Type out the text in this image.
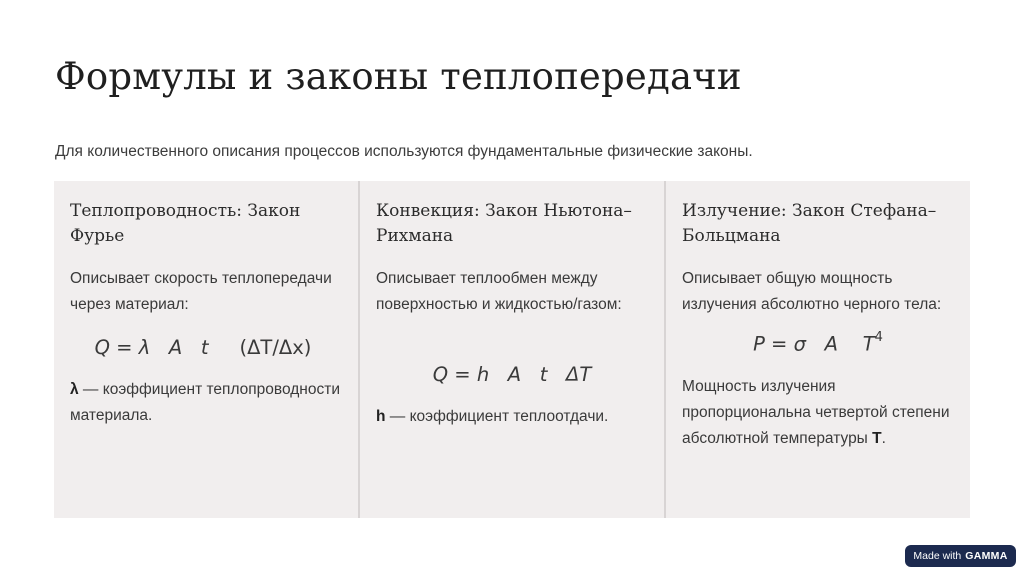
Формулы и законы теплопередачи

Для количественного описания процессов используются фундаментальные физические законы.

Теплопроводность: Закон Фурье

Описывает скорость теплопередачи через материал:

Q = λ A t (ΔT/Δx)

λ — коэффициент теплопроводности материала.

Конвекция: Закон Ньютона–Рихмана

Описывает теплообмен между поверхностью и жидкостью/газом:

Q = h A t ΔT

h — коэффициент теплоотдачи.

Излучение: Закон Стефана–Больцмана

Описывает общую мощность излучения абсолютно черного тела:

P = σ A $T^4$

Мощность излучения пропорциональна четвертой степени абсолютной температуры T.

Made with GAMMA
